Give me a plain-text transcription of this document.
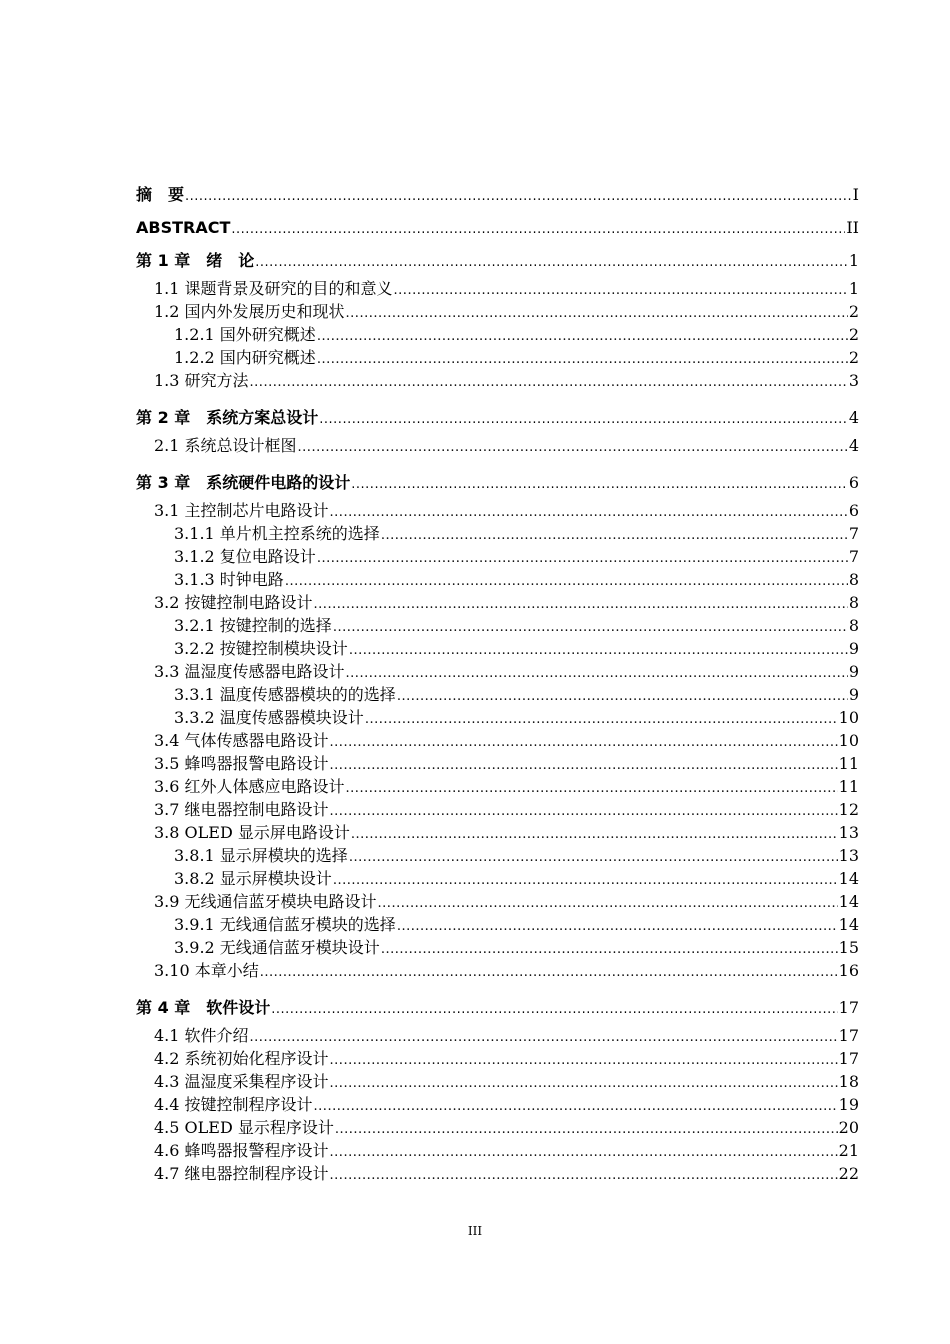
摘　要 .....	I
ABSTRACT .....	II
第 1 章　绪　论 .....	1
1.1 课题背景及研究的目的和意义 .....	1
1.2 国内外发展历史和现状 .....	2
1.2.1 国外研究概述 .....	2
1.2.2 国内研究概述 .....	2
1.3 研究方法 .....	3
第 2 章　系统方案总设计 .....	4
2.1 系统总设计框图 .....	4
第 3 章　系统硬件电路的设计 .....	6
3.1 主控制芯片电路设计 .....	6
3.1.1 单片机主控系统的选择 .....	7
3.1.2 复位电路设计 .....	7
3.1.3 时钟电路 .....	8
3.2 按键控制电路设计 .....	8
3.2.1 按键控制的选择 .....	8
3.2.2 按键控制模块设计 .....	9
3.3 温湿度传感器电路设计 .....	9
3.3.1 温度传感器模块的的选择 .....	9
3.3.2 温度传感器模块设计 .....	10
3.4 气体传感器电路设计 .....	10
3.5 蜂鸣器报警电路设计 .....	11
3.6 红外人体感应电路设计 .....	11
3.7 继电器控制电路设计 .....	12
3.8 OLED 显示屏电路设计 .....	13
3.8.1 显示屏模块的选择 .....	13
3.8.2 显示屏模块设计 .....	14
3.9 无线通信蓝牙模块电路设计 .....	14
3.9.1 无线通信蓝牙模块的选择 .....	14
3.9.2 无线通信蓝牙模块设计 .....	15
3.10 本章小结 .....	16
第 4 章　软件设计 .....	17
4.1 软件介绍 .....	17
4.2 系统初始化程序设计 .....	17
4.3 温湿度采集程序设计 .....	18
4.4 按键控制程序设计 .....	19
4.5 OLED 显示程序设计 .....	20
4.6 蜂鸣器报警程序设计 .....	21
4.7 继电器控制程序设计 .....	22
III
